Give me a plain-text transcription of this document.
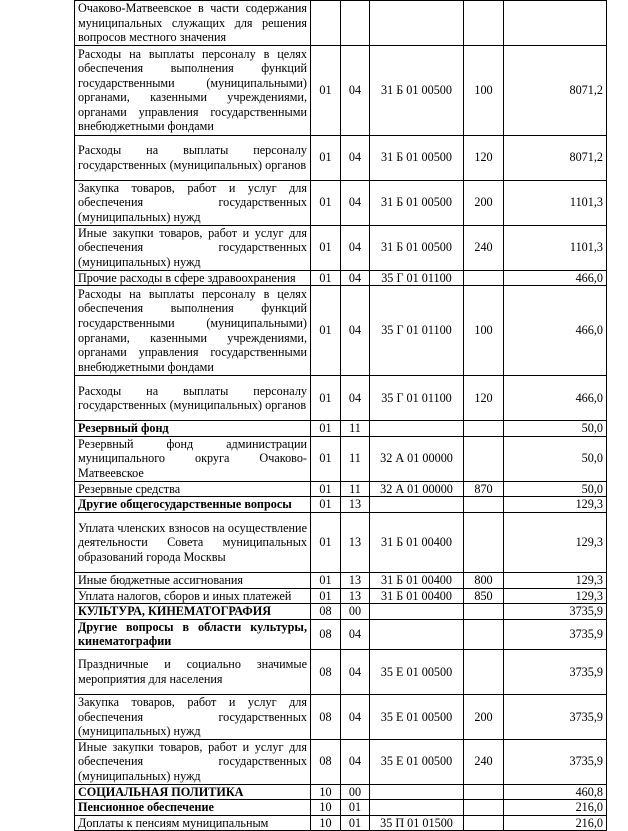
Очаково-Матвеевское в части содержания муниципальных служащих для решения вопросов местного значения					
Расходы на выплаты персоналу в целях обеспечения выполнения функций государственными (муниципальными) органами, казенными учреждениями, органами управления государственными внебюджетными фондами	01	04	31 Б 01 00500	100	8071,2
Расходы на выплаты персоналу государственных (муниципальных) органов	01	04	31 Б 01 00500	120	8071,2
Закупка товаров, работ и услуг для обеспечения государственных (муниципальных) нужд	01	04	31 Б 01 00500	200	1101,3
Иные закупки товаров, работ и услуг для обеспечения государственных (муниципальных) нужд	01	04	31 Б 01 00500	240	1101,3
Прочие расходы в сфере здравоохранения	01	04	35 Г 01 01100		466,0
Расходы на выплаты персоналу в целях обеспечения выполнения функций государственными (муниципальными) органами, казенными учреждениями, органами управления государственными внебюджетными фондами	01	04	35 Г 01 01100	100	466,0
Расходы на выплаты персоналу государственных (муниципальных) органов	01	04	35 Г 01 01100	120	466,0
Резервный фонд	01	11			50,0
Резервный фонд администрации муниципального округа Очаково-Матвеевское	01	11	32 А 01 00000		50,0
Резервные средства	01	11	32 А 01 00000	870	50,0
Другие общегосударственные вопросы	01	13			129,3
Уплата членских взносов на осуществление деятельности Совета муниципальных образований города Москвы	01	13	31 Б 01 00400		129,3
Иные бюджетные ассигнования	01	13	31 Б 01 00400	800	129,3
Уплата налогов, сборов и иных платежей	01	13	31 Б 01 00400	850	129,3
КУЛЬТУРА, КИНЕМАТОГРАФИЯ	08	00			3735,9
Другие вопросы в области культуры, кинематографии	08	04			3735,9
Праздничные и социально значимые мероприятия для населения	08	04	35 Е 01 00500		3735,9
Закупка товаров, работ и услуг для обеспечения государственных (муниципальных) нужд	08	04	35 Е 01 00500	200	3735,9
Иные закупки товаров, работ и услуг для обеспечения государственных (муниципальных) нужд	08	04	35 Е 01 00500	240	3735,9
СОЦИАЛЬНАЯ ПОЛИТИКА	10	00			460,8
Пенсионное обеспечение	10	01			216,0
Доплаты к пенсиям муниципальным	10	01	35 П 01 01500		216,0
